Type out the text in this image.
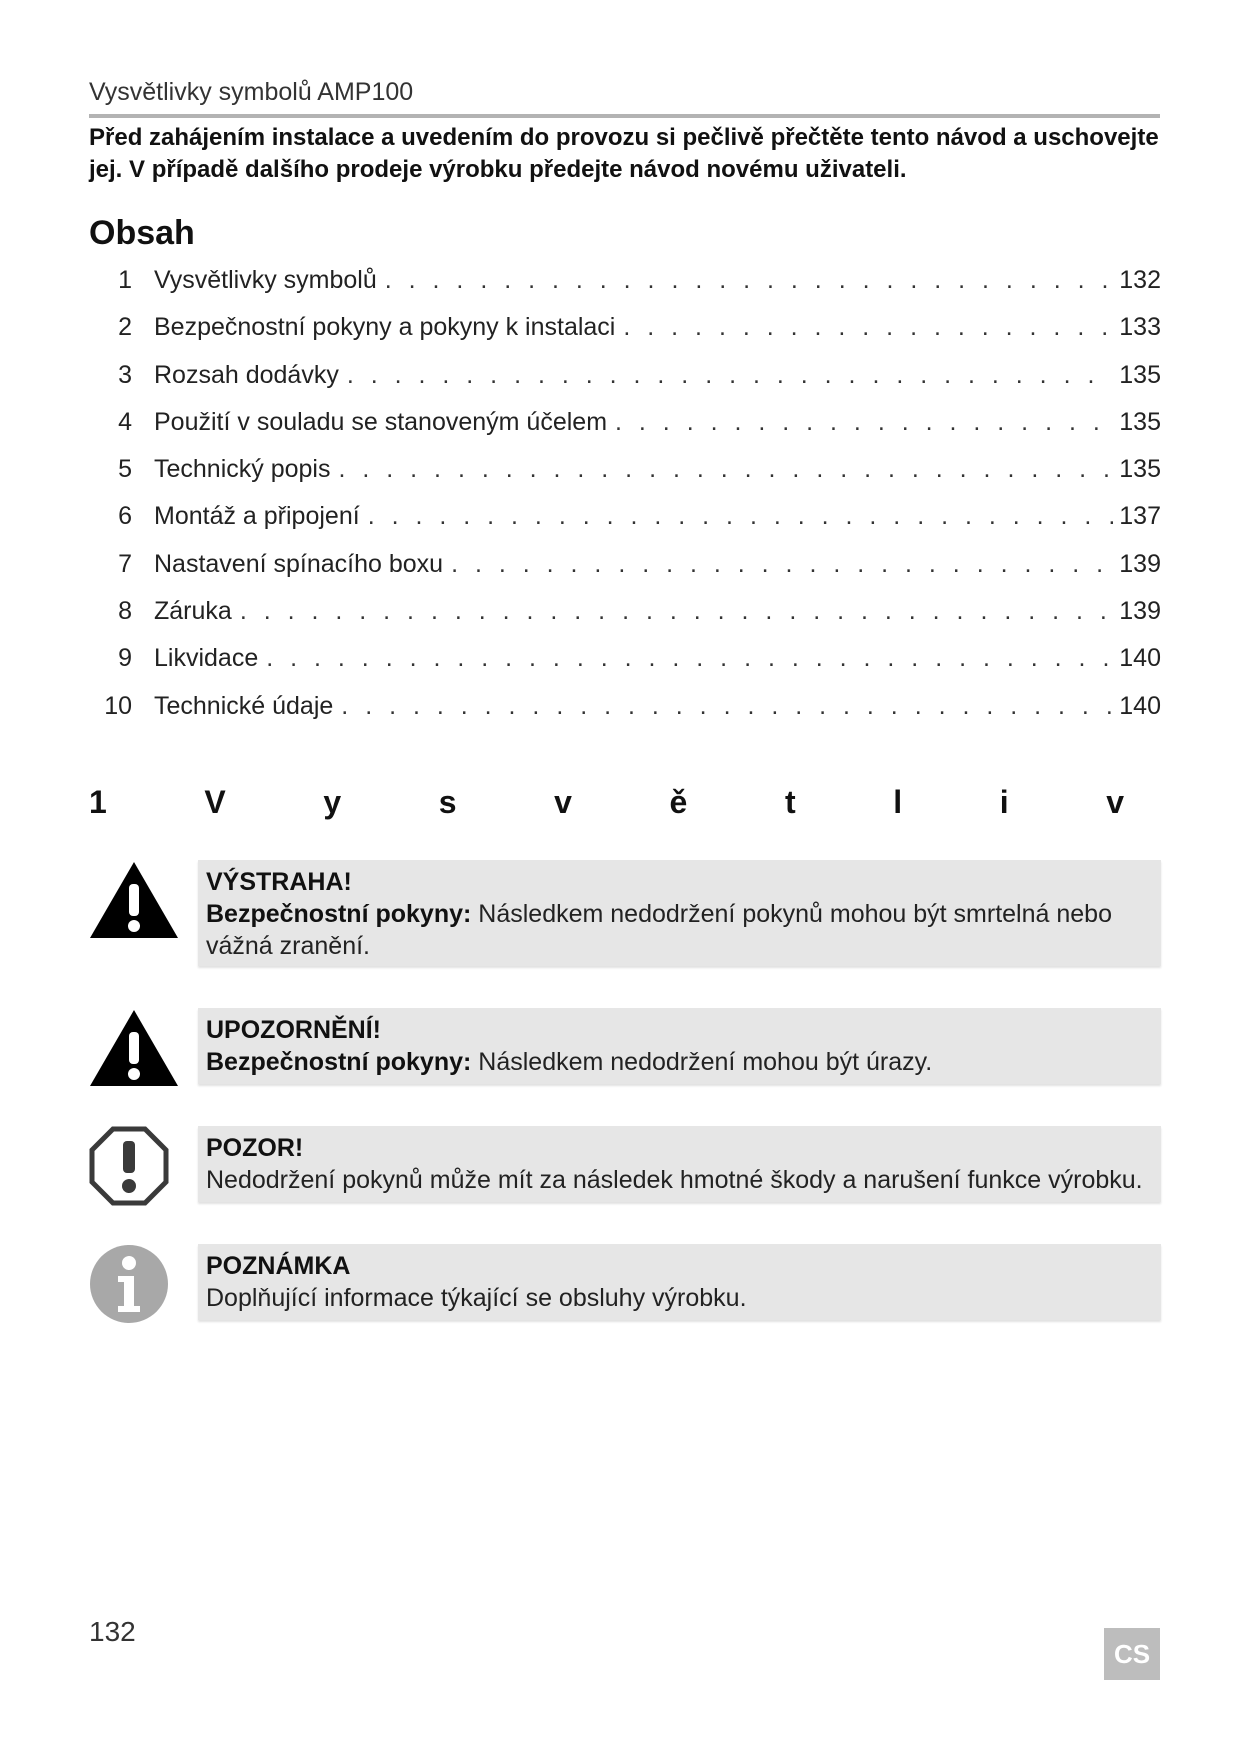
Vysvětlivky symbolů AMP100
Před zahájením instalace a uvedením do provozu si pečlivě přečtěte tento návod a uschovejte jej. V případě dalšího prodeje výrobku předejte návod novému uživateli.
Obsah
1 Vysvětlivky symbolů . . .	132
2 Bezpečnostní pokyny a pokyny k instalaci . . .	133
3 Rozsah dodávky . . .	135
4 Použití v souladu se stanoveným účelem . . .	135
5 Technický popis . . .	135
6 Montáž a připojení . . .	137
7 Nastavení spínacího boxu . . .	139
8 Záruka . . .	139
9 Likvidace . . .	140
10 Technické údaje . . .	140
1 V y s v ě t l i v
VÝSTRAHA!
Bezpečnostní pokyny: Následkem nedodržení pokynů mohou být smrtelná nebo vážná zranění.
UPOZORNĚNÍ!
Bezpečnostní pokyny: Následkem nedodržení mohou být úrazy.
POZOR!
Nedodržení pokynů může mít za následek hmotné škody a narušení funkce výrobku.
POZNÁMKA
Doplňující informace týkající se obsluhy výrobku.
132
CS
